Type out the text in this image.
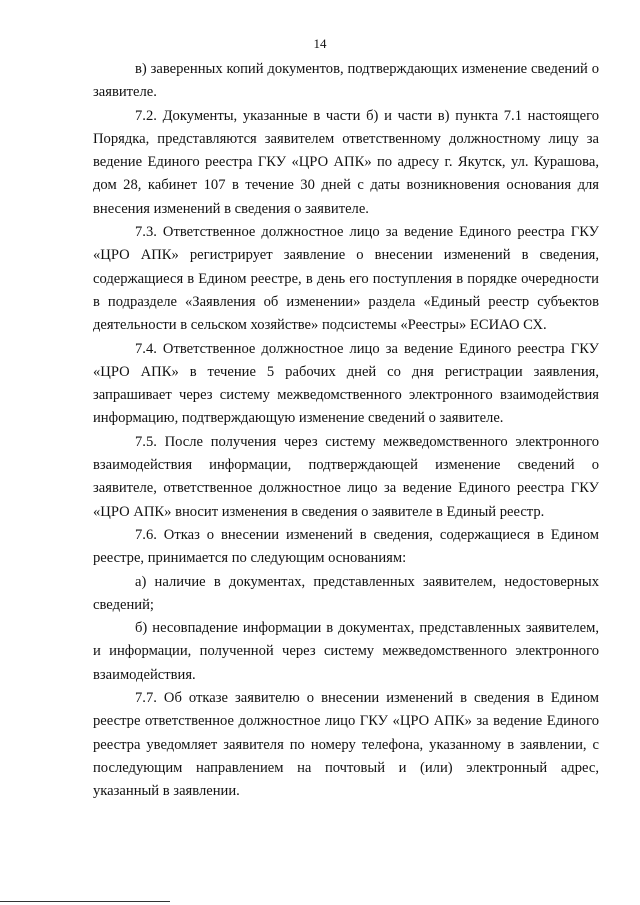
14

в) заверенных копий документов, подтверждающих изменение сведений о заявителе.

7.2. Документы, указанные в части б) и части в) пункта 7.1 настоящего Порядка, представляются заявителем ответственному должностному лицу за ведение Единого реестра ГКУ «ЦРО АПК» по адресу г. Якутск, ул. Курашова, дом 28, кабинет 107 в течение 30 дней с даты возникновения основания для внесения изменений в сведения о заявителе.

7.3. Ответственное должностное лицо за ведение Единого реестра ГКУ «ЦРО АПК» регистрирует заявление о внесении изменений в сведения, содержащиеся в Едином реестре, в день его поступления в порядке очередности в подразделе «Заявления об изменении» раздела «Единый реестр субъектов деятельности в сельском хозяйстве» подсистемы «Реестры» ЕСИАО СХ.

7.4. Ответственное должностное лицо за ведение Единого реестра ГКУ «ЦРО АПК» в течение 5 рабочих дней со дня регистрации заявления, запрашивает через систему межведомственного электронного взаимодействия информацию, подтверждающую изменение сведений о заявителе.

7.5. После получения через систему межведомственного электронного взаимодействия информации, подтверждающей изменение сведений о заявителе, ответственное должностное лицо за ведение Единого реестра ГКУ «ЦРО АПК» вносит изменения в сведения о заявителе в Единый реестр.

7.6. Отказ о внесении изменений в сведения, содержащиеся в Едином реестре, принимается по следующим основаниям:

а) наличие в документах, представленных заявителем, недостоверных сведений;

б) несовпадение информации в документах, представленных заявителем, и информации, полученной через систему межведомственного электронного взаимодействия.

7.7. Об отказе заявителю о внесении изменений в сведения в Едином реестре ответственное должностное лицо ГКУ «ЦРО АПК» за ведение Единого реестра уведомляет заявителя по номеру телефона, указанному в заявлении, с последующим направлением на почтовый и (или) электронный адрес, указанный в заявлении.
